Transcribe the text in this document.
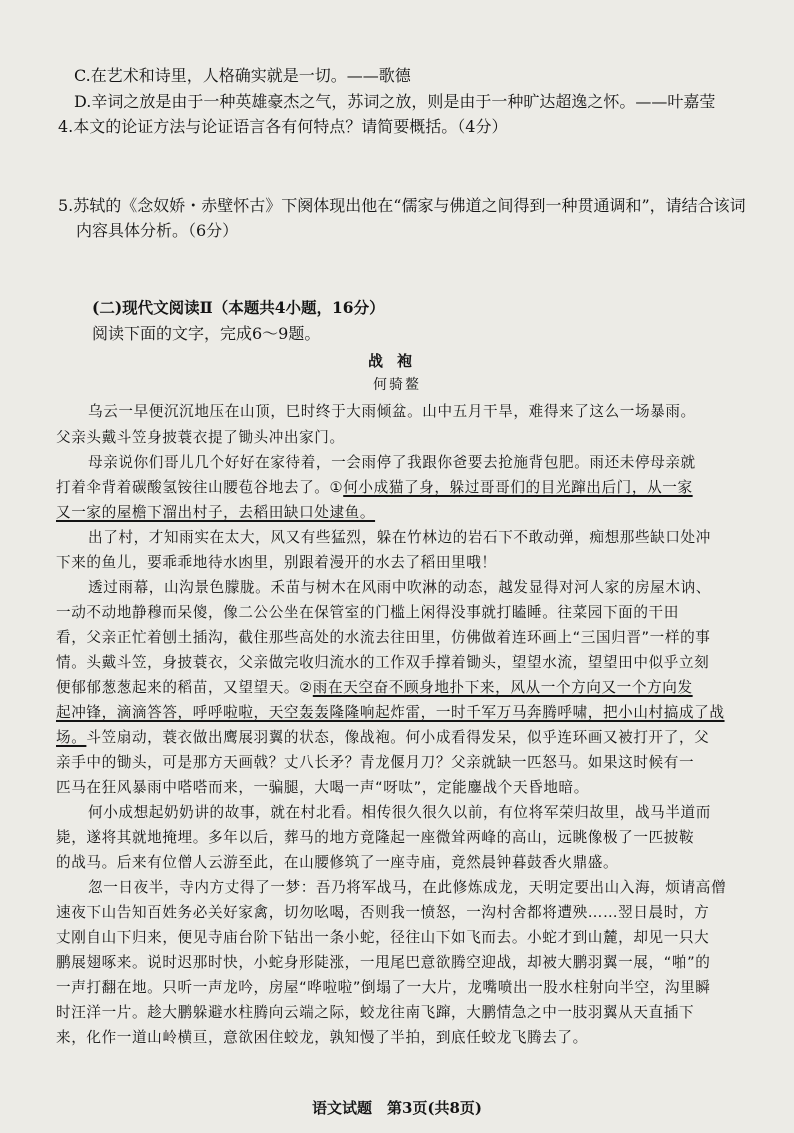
C.在艺术和诗里，人格确实就是一切。——歌德
D.辛词之放是由于一种英雄豪杰之气，苏词之放，则是由于一种旷达超逸之怀。——叶嘉莹
4.本文的论证方法与论证语言各有何特点？请简要概括。（4分）
5.苏轼的《念奴娇・赤壁怀古》下阕体现出他在“儒家与佛道之间得到一种贯通调和”，请结合该词
内容具体分析。（6分）
(二)现代文阅读Ⅱ（本题共4小题，16分）
阅读下面的文字，完成6～9题。
战袍
何骑鳌
乌云一早便沉沉地压在山顶，巳时终于大雨倾盆。山中五月干旱，难得来了这么一场暴雨。
父亲头戴斗笠身披蓑衣提了锄头冲出家门。
母亲说你们哥儿几个好好在家待着，一会雨停了我跟你爸要去抢施背包肥。雨还未停母亲就
打着伞背着碳酸氢铵往山腰苞谷地去了。①何小成猫了身，躲过哥哥们的目光蹿出后门，从一家
又一家的屋檐下溜出村子，去稻田缺口处逮鱼。
出了村，才知雨实在太大，风又有些猛烈，躲在竹林边的岩石下不敢动弹，痴想那些缺口处冲
下来的鱼儿，要乖乖地待水凼里，别跟着漫开的水去了稻田里哦！
透过雨幕，山沟景色朦胧。禾苗与树木在风雨中吹淋的动态，越发显得对河人家的房屋木讷、
一动不动地静穆而呆傻，像二公公坐在保管室的门槛上闲得没事就打瞌睡。往菜园下面的干田
看，父亲正忙着刨土插沟，截住那些高处的水流去往田里，仿佛做着连环画上“三国归晋”一样的事
情。头戴斗笠，身披蓑衣，父亲做完收归流水的工作双手撑着锄头，望望水流，望望田中似乎立刻
便郁郁葱葱起来的稻苗，又望望天。②雨在天空奋不顾身地扑下来，风从一个方向又一个方向发
起冲锋，滴滴答答，呼呼啦啦，天空轰轰隆隆响起炸雷，一时千军万马奔腾呼啸，把小山村搞成了战
场。斗笠扇动，蓑衣做出鹰展羽翼的状态，像战袍。何小成看得发呆，似乎连环画又被打开了，父
亲手中的锄头，可是那方天画戟？丈八长矛？青龙偃月刀？父亲就缺一匹怒马。如果这时候有一
匹马在狂风暴雨中嗒嗒而来，一骗腿，大喝一声“呀呔”，定能鏖战个天昏地暗。
何小成想起奶奶讲的故事，就在村北看。相传很久很久以前，有位将军荣归故里，战马半道而
毙，遂将其就地掩埋。多年以后，葬马的地方竟隆起一座微耸两峰的高山，远眺像极了一匹披鞍
的战马。后来有位僧人云游至此，在山腰修筑了一座寺庙，竟然晨钟暮鼓香火鼎盛。
忽一日夜半，寺内方丈得了一梦：吾乃将军战马，在此修炼成龙，天明定要出山入海，烦请高僧
速夜下山告知百姓务必关好家禽，切勿吆喝，否则我一愤怒，一沟村舍都将遭殃……翌日晨时，方
丈刚自山下归来，便见寺庙台阶下钻出一条小蛇，径往山下如飞而去。小蛇才到山麓，却见一只大
鹏展翅啄来。说时迟那时快，小蛇身形陡涨，一甩尾巴意欲腾空迎战，却被大鹏羽翼一展，“啪”的
一声打翻在地。只听一声龙吟，房屋“哗啦啦”倒塌了一大片，龙嘴喷出一股水柱射向半空，沟里瞬
时汪洋一片。趁大鹏躲避水柱腾向云端之际，蛟龙往南飞蹿，大鹏情急之中一肢羽翼从天直插下
来，化作一道山岭横亘，意欲困住蛟龙，孰知慢了半拍，到底任蛟龙飞腾去了。
语文试题　第3页(共8页)
